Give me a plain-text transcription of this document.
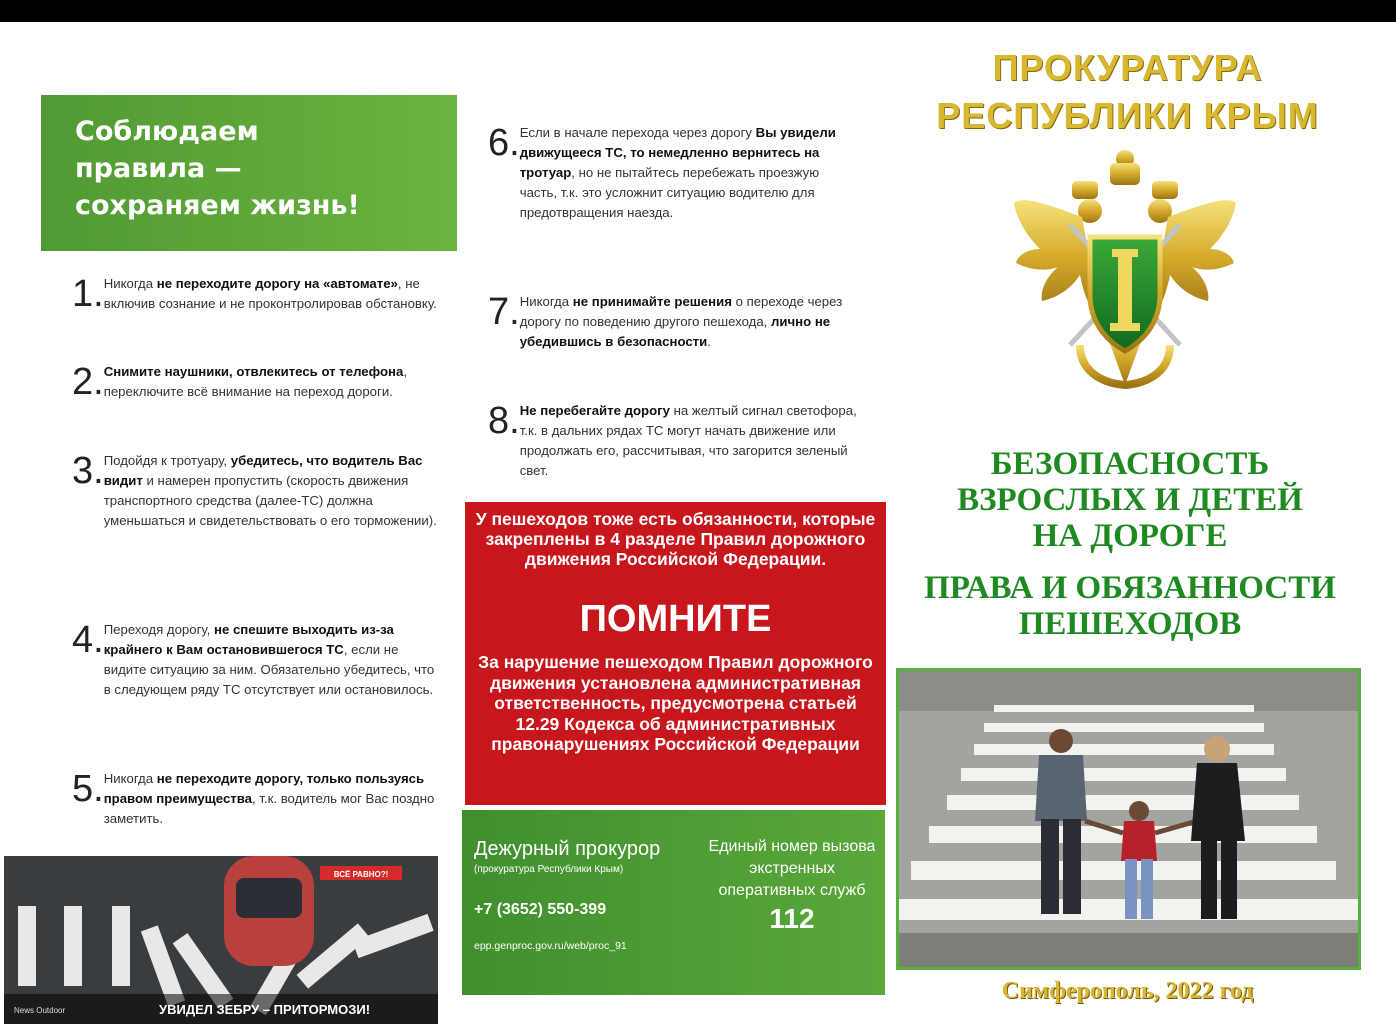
Соблюдаем
правила —
сохраняем жизнь!
1. Никогда не переходите дорогу на «автомате», не включив сознание и не проконтролировав обстановку.
2. Снимите наушники, отвлекитесь от телефона, переключите всё внимание на переход дороги.
3. Подойдя к тротуару, убедитесь, что водитель Вас видит и намерен пропустить (скорость движения транспортного средства (далее-ТС) должна уменьшаться и свидетельствовать о его торможении).
4. Переходя дорогу, не спешите выходить из-за крайнего к Вам остановившегося ТС, если не видите ситуацию за ним. Обязательно убедитесь, что в следующем ряду ТС отсутствует или остановилось.
5. Никогда не переходите дорогу, только пользуясь правом преимущества, т.к. водитель мог Вас поздно заметить.
6. Если в начале перехода через дорогу Вы увидели движущееся ТС, то немедленно вернитесь на тротуар, но не пытайтесь перебежать проезжую часть, т.к. это усложнит ситуацию водителю для предотвращения наезда.
7. Никогда не принимайте решения о переходе через дорогу по поведению другого пешехода, лично не убедившись в безопасности.
8. Не перебегайте дорогу на желтый сигнал светофора, т.к. в дальних рядах ТС могут начать движение или продолжать его, рассчитывая, что загорится зеленый свет.
У пешеходов тоже есть обязанности, которые закреплены в 4 разделе Правил дорожного движения Российской Федерации.
ПОМНИТЕ
За нарушение пешеходом Правил дорожного движения установлена административная ответственность, предусмотрена статьей 12.29 Кодекса об административных правонарушениях Российской Федерации
Дежурный прокурор
(прокуратура Республики Крым)
+7 (3652) 550-399
epp.genproc.gov.ru/web/proc_91
Единый номер вызова экстренных оперативных служб
112
ПРОКУРАТУРА
РЕСПУБЛИКИ КРЫМ
БЕЗОПАСНОСТЬ
ВЗРОСЛЫХ И ДЕТЕЙ
НА ДОРОГЕ
ПРАВА И ОБЯЗАННОСТИ
ПЕШЕХОДОВ
ВСЁ РАВНО?!
News Outdoor	УВИДЕЛ ЗЕБРУ – ПРИТОРМОЗИ!
Симферополь, 2022 год
